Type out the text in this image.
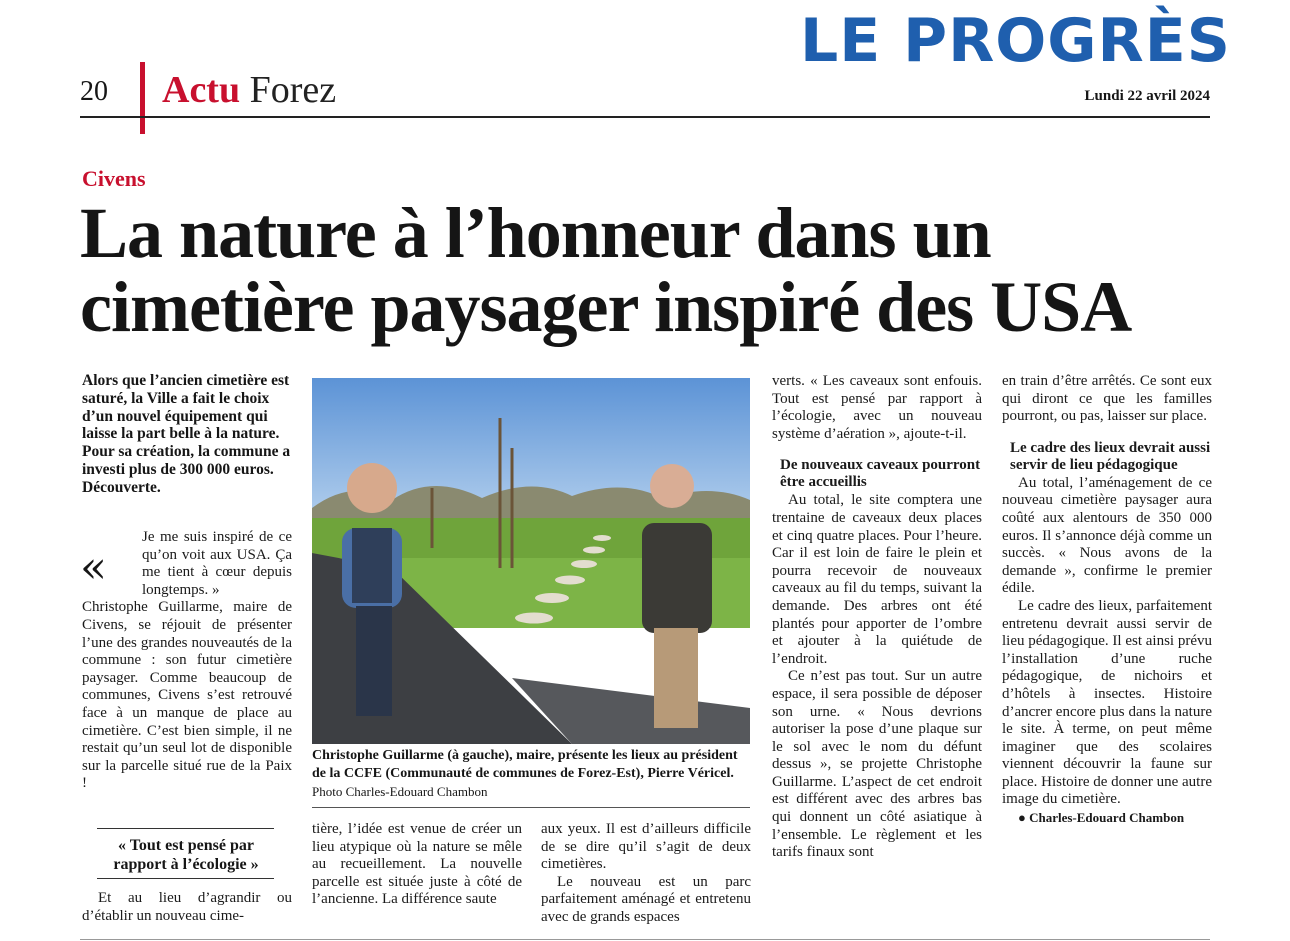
LE PROGRÈS
20 Actu Forez	Lundi 22 avril 2024
Civens
La nature à l’honneur dans un
cimetière paysager inspiré des USA
Alors que l’ancien cimetière est saturé, la Ville a fait le choix d’un nouvel équipement qui laisse la part belle à la nature. Pour sa création, la commune a investi plus de 300 000 euros. Découverte.
«

Je me suis inspiré de ce qu’on voit aux USA. Ça me tient à cœur depuis longtemps. »

Christophe Guillarme, maire de Civens, se réjouit de présenter l’une des grandes nouveautés de la commune : son futur cimetière paysager. Comme beaucoup de communes, Civens s’est retrouvé face à un manque de place au cimetière. C’est bien simple, il ne restait qu’un seul lot de disponible sur la parcelle situé rue de la Paix !

« Tout est pensé par rapport à l’écologie »

Et au lieu d’agrandir ou d’établir un nouveau cime-

Christophe Guillarme (à gauche), maire, présente les lieux au président de la CCFE (Communauté de communes de Forez-Est), Pierre Véricel. Photo Charles-Edouard Chambon

tière, l’idée est venue de créer un lieu atypique où la nature se mêle au recueillement. La nouvelle parcelle est située juste à côté de l’ancienne. La différence saute

aux yeux. Il est d’ailleurs difficile de se dire qu’il s’agit de deux cimetières.

Le nouveau est un parc parfaitement aménagé et entretenu avec de grands espaces

verts. « Les caveaux sont enfouis. Tout est pensé par rapport à l’écologie, avec un nouveau système d’aération », ajoute-t-il.

De nouveaux caveaux pourront être accueillis

Au total, le site comptera une trentaine de caveaux deux places et cinq quatre places. Pour l’heure. Car il est loin de faire le plein et pourra recevoir de nouveaux caveaux au fil du temps, suivant la demande. Des arbres ont été plantés pour apporter de l’ombre et ajouter à la quiétude de l’endroit.

Ce n’est pas tout. Sur un autre espace, il sera possible de déposer son urne. « Nous devrions autoriser la pose d’une plaque sur le sol avec le nom du défunt dessus », se projette Christophe Guillarme. L’aspect de cet endroit est différent avec des arbres bas qui donnent un côté asiatique à l’ensemble. Le règlement et les tarifs finaux sont

en train d’être arrêtés. Ce sont eux qui diront ce que les familles pourront, ou pas, laisser sur place.

Le cadre des lieux devrait aussi servir de lieu pédagogique

Au total, l’aménagement de ce nouveau cimetière paysager aura coûté aux alentours de 350 000 euros. Il s’annonce déjà comme un succès. « Nous avons de la demande », confirme le premier édile.

Le cadre des lieux, parfaitement entretenu devrait aussi servir de lieu pédagogique. Il est ainsi prévu l’installation d’une ruche pédagogique, de nichoirs et d’hôtels à insectes. Histoire d’ancrer encore plus dans la nature le site. À terme, on peut même imaginer que des scolaires viennent découvrir la faune sur place. Histoire de donner une autre image du cimetière.

● Charles-Edouard Chambon
